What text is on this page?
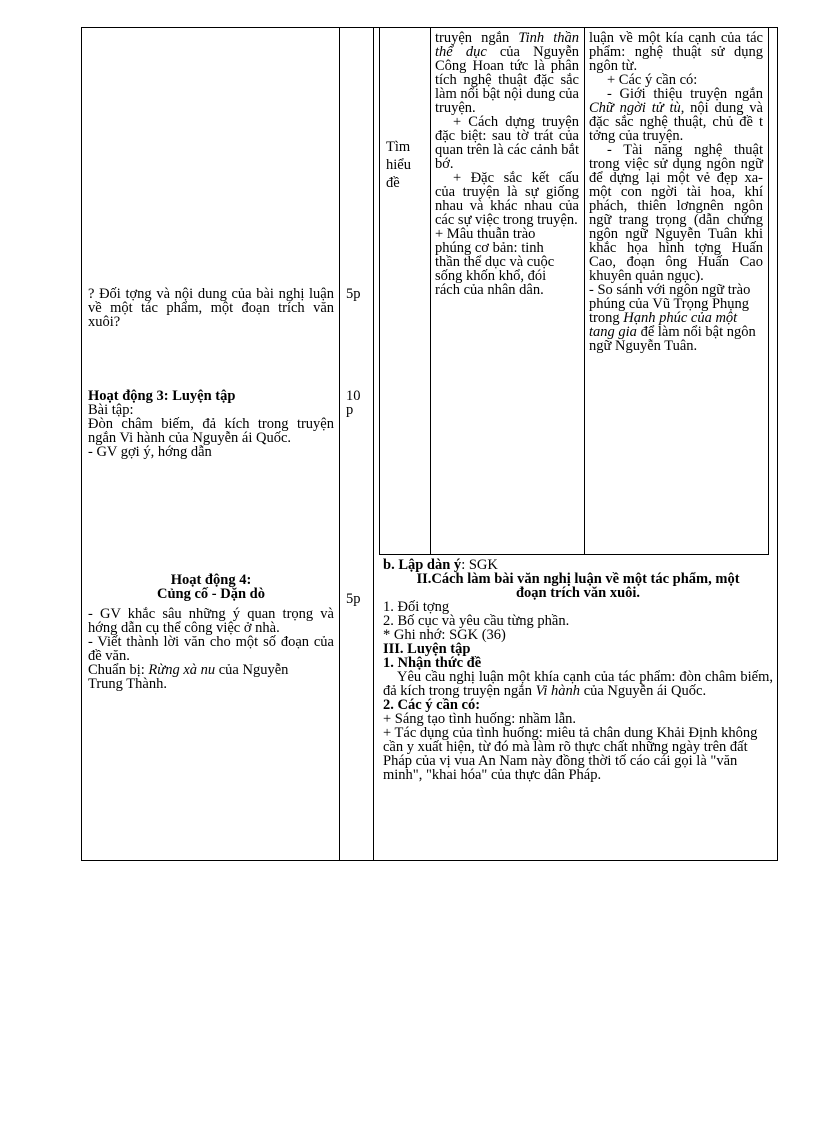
? Đối tợng và nội dung của bài nghị luận về một tác phẩm, một đoạn trích văn xuôi?
Hoạt động 3: Luyện tập

Bài tập:

Đòn châm biếm, đả kích trong truyện ngắn Vi hành của Nguyễn ái Quốc.

- GV gợi ý, hớng dẫn

Hoạt động 4:

Củng cố - Dặn dò

- GV khắc sâu những ý quan trọng và hớng dẫn cụ thể công việc ở nhà.

- Viết thành lời văn cho một số đoạn của đề văn.

Chuẩn bị: Rừng xà nu của Nguyễn Trung Thành.

5p

10

p

5p

Tìm

hiểu

đề

truyện ngắn Tinh thần thể dục của Nguyễn Công Hoan tức là phân tích nghệ thuật đặc sắc làm nổi bật nội dung của truyện.

+ Cách dựng truyện đặc biệt: sau tờ trát của quan trên là các cảnh bắt bớ.

+ Đặc sắc kết cấu của truyện là sự giống nhau và khác nhau của các sự việc trong truyện.

+ Mâu thuẫn trào phúng cơ bản: tinh thần thể dục và cuộc sống khốn khổ, đói rách của nhân dân.

luận về một kía cạnh của tác phẩm: nghệ thuật sử dụng ngôn từ.

+ Các ý cần có:

- Giới thiệu truyện ngắn Chữ ngời tử tù, nội dung và đặc sắc nghệ thuật, chủ đề t tởng của truyện.

- Tài năng nghệ thuật trong việc sử dụng ngôn ngữ để dựng lại một vẻ đẹp xa- một con ngời tài hoa, khí phách, thiên lơngnên ngôn ngữ trang trọng (dẫn chứng ngôn ngữ Nguyễn Tuân khi khắc họa hình tợng Huấn Cao, đoạn ông Huấn Cao khuyên quản ngục).

- So sánh với ngôn ngữ trào phúng của Vũ Trọng Phụng trong Hạnh phúc của một tang gia để làm nổi bật ngôn ngữ Nguyễn Tuân.

b. Lập dàn ý: SGK

II.Cách làm bài văn nghị luận về một tác phẩm, một đoạn trích văn xuôi.

1. Đối tợng

2. Bố cục và yêu cầu từng phần.

* Ghi nhớ: SGK (36)

III. Luyện tập

1. Nhận thức đề

Yêu cầu nghị luận một khía cạnh của tác phẩm: đòn châm biếm, đả kích trong truyện ngắn Vi hành của Nguyễn ái Quốc.

2. Các ý cần có:

+ Sáng tạo tình huống: nhầm lẫn.

+ Tác dụng của tình huống: miêu tả chân dung Khải Định không cần y xuất hiện, từ đó mà làm rõ thực chất những ngày trên đất Pháp của vị vua An Nam này đồng thời tố cáo cái gọi là "văn minh", "khai hóa" của thực dân Pháp.
